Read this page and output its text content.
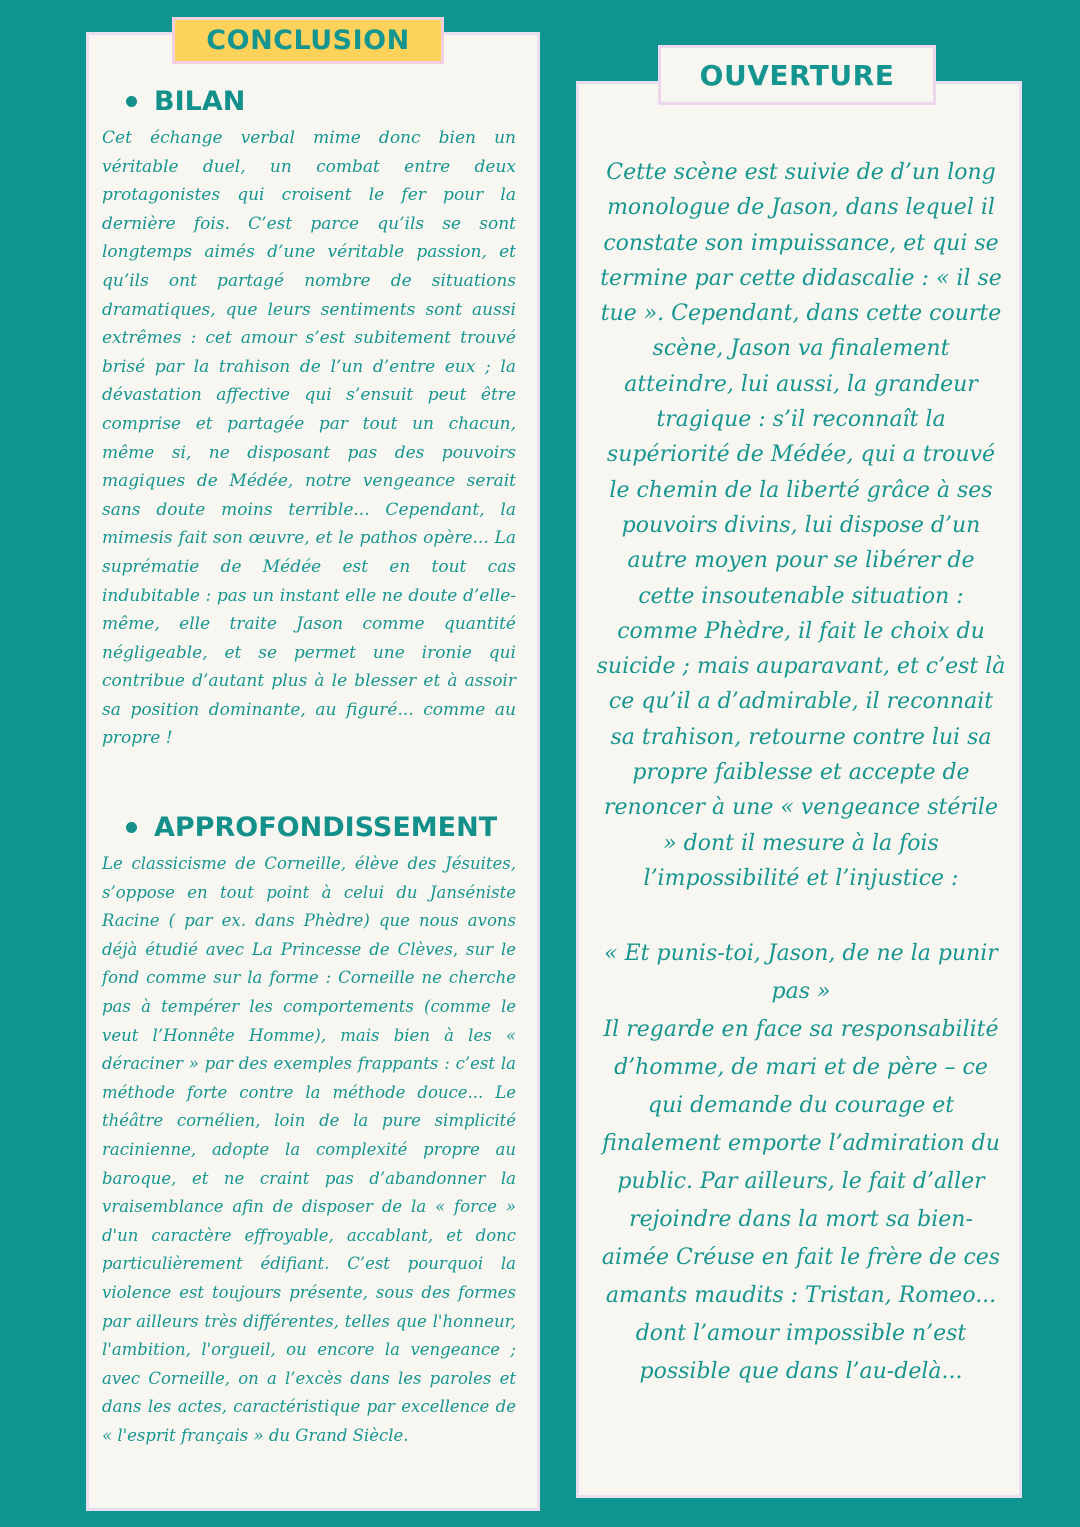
CONCLUSION
BILAN

Cet échange verbal mime donc bien un véritable duel, un combat entre deux protagonistes qui croisent le fer pour la dernière fois. C’est parce qu’ils se sont longtemps aimés d’une véritable passion, et qu’ils ont partagé nombre de situations dramatiques, que leurs sentiments sont aussi extrêmes : cet amour s’est subitement trouvé brisé par la trahison de l’un d’entre eux ; la dévastation affective qui s’ensuit peut être comprise et partagée par tout un chacun, même si, ne disposant pas des pouvoirs magiques de Médée, notre vengeance serait sans doute moins terrible... Cependant, la mimesis fait son œuvre, et le pathos opère... La suprématie de Médée est en tout cas indubitable : pas un instant elle ne doute d’elle-même, elle traite Jason comme quantité négligeable, et se permet une ironie qui contribue d’autant plus à le blesser et à assoir sa position dominante, au figuré... comme au propre !

APPROFONDISSEMENT

Le classicisme de Corneille, élève des Jésuites, s’oppose en tout point à celui du Janséniste Racine ( par ex. dans Phèdre) que nous avons déjà étudié avec La Princesse de Clèves, sur le fond comme sur la forme : Corneille ne cherche pas à tempérer les comportements (comme le veut l’Honnête Homme), mais bien à les « déraciner » par des exemples frappants : c’est la méthode forte contre la méthode douce... Le théâtre cornélien, loin de la pure simplicité racinienne, adopte la complexité propre au baroque, et ne craint pas d’abandonner la vraisemblance afin de disposer de la « force » d'un caractère effroyable, accablant, et donc particulièrement édifiant. C’est pourquoi la violence est toujours présente, sous des formes par ailleurs très différentes, telles que l'honneur, l'ambition, l'orgueil, ou encore la vengeance ; avec Corneille, on a l’excès dans les paroles et dans les actes, caractéristique par excellence de « l'esprit français » du Grand Siècle.

OUVERTURE

Cette scène est suivie de d’un long monologue de Jason, dans lequel il constate son impuissance, et qui se termine par cette didascalie : « il se tue ». Cependant, dans cette courte scène, Jason va finalement atteindre, lui aussi, la grandeur tragique : s’il reconnaît la supériorité de Médée, qui a trouvé le chemin de la liberté grâce à ses pouvoirs divins, lui dispose d’un autre moyen pour se libérer de cette insoutenable situation : comme Phèdre, il fait le choix du suicide ; mais auparavant, et c’est là ce qu’il a d’admirable, il reconnait sa trahison, retourne contre lui sa propre faiblesse et accepte de renoncer à une « vengeance stérile » dont il mesure à la fois l’impossibilité et l’injustice :

« Et punis-toi, Jason, de ne la punir pas »

Il regarde en face sa responsabilité d’homme, de mari et de père – ce qui demande du courage et finalement emporte l’admiration du public. Par ailleurs, le fait d’aller rejoindre dans la mort sa bien-aimée Créuse en fait le frère de ces amants maudits : Tristan, Romeo... dont l’amour impossible n’est possible que dans l’au-delà...
